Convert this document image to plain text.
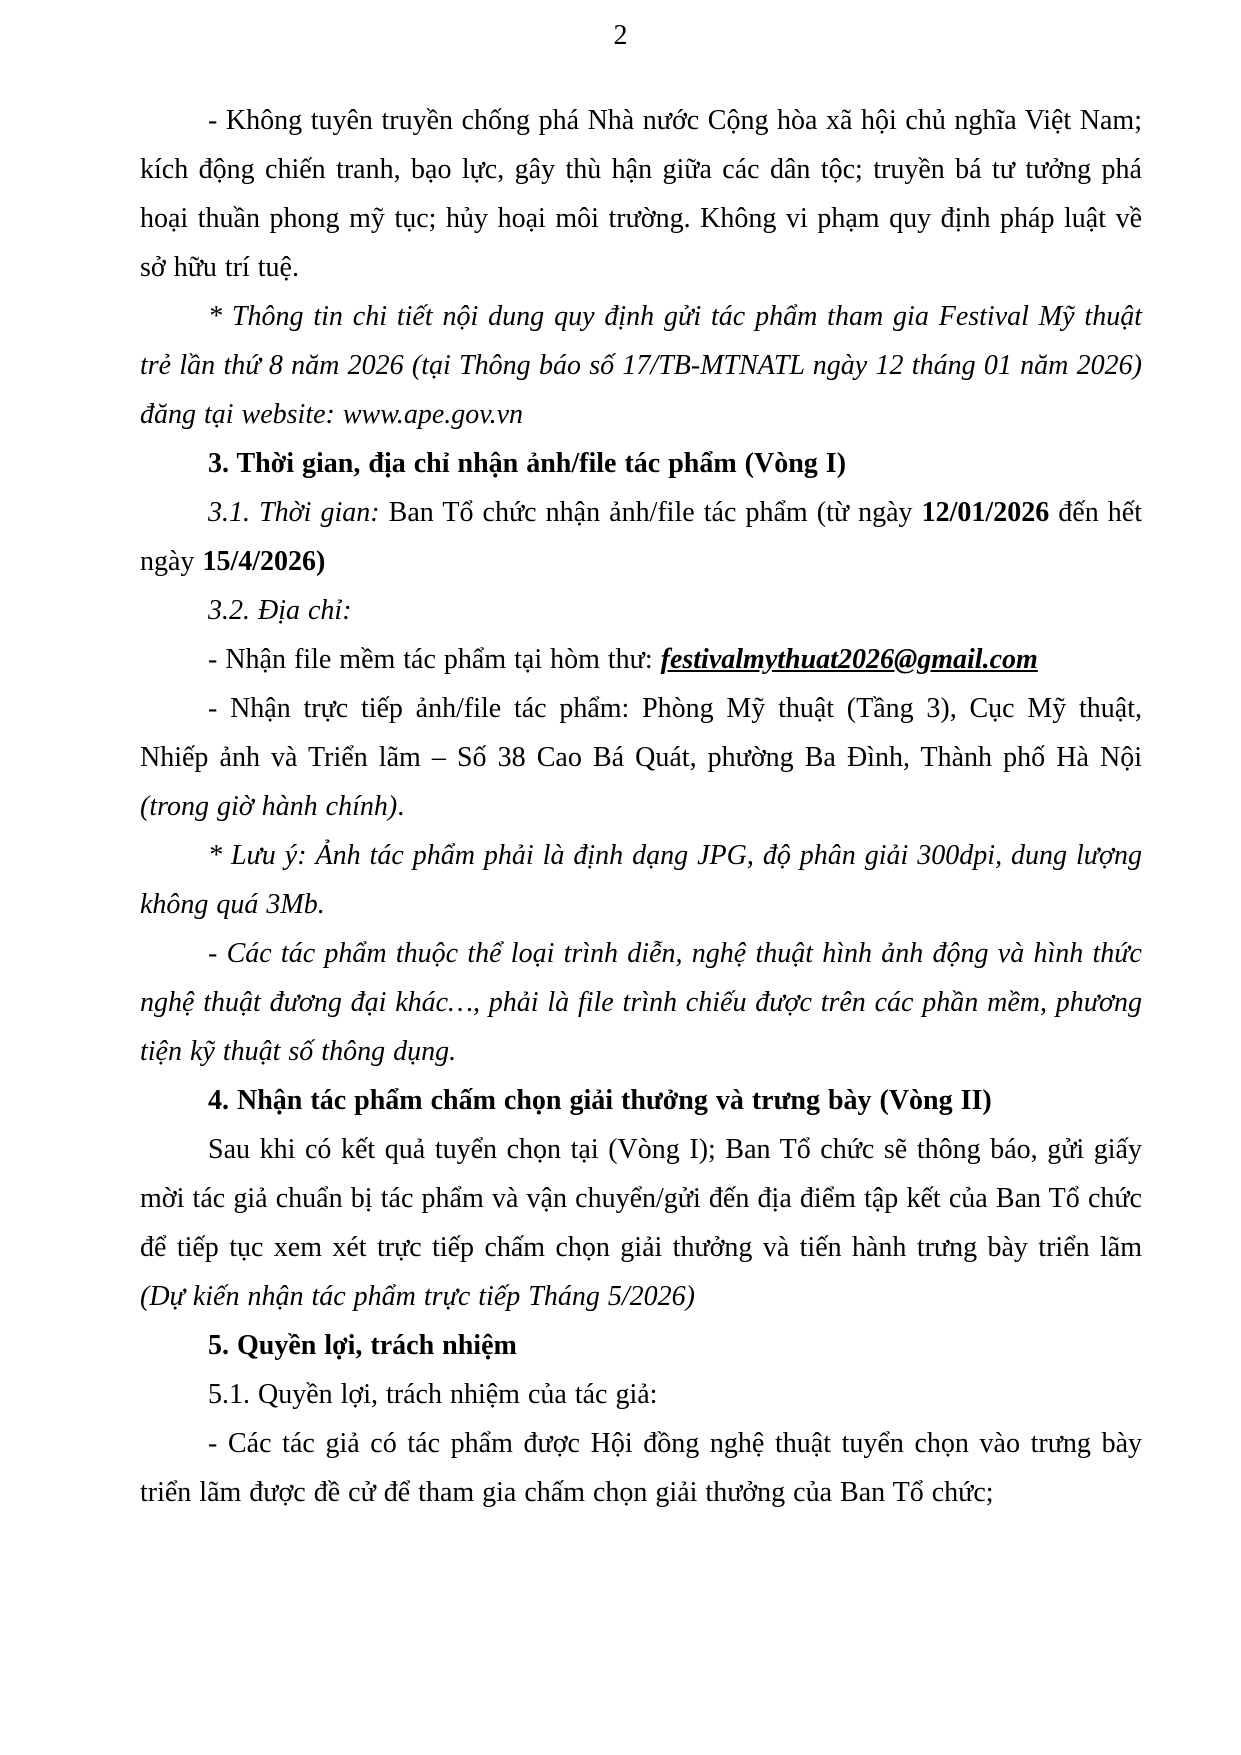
2

- Không tuyên truyền chống phá Nhà nước Cộng hòa xã hội chủ nghĩa Việt Nam; kích động chiến tranh, bạo lực, gây thù hận giữa các dân tộc; truyền bá tư tưởng phá hoại thuần phong mỹ tục; hủy hoại môi trường. Không vi phạm quy định pháp luật về sở hữu trí tuệ.

* Thông tin chi tiết nội dung quy định gửi tác phẩm tham gia Festival Mỹ thuật trẻ lần thứ 8 năm 2026 (tại Thông báo số 17/TB-MTNATL ngày 12 tháng 01 năm 2026) đăng tại website: www.ape.gov.vn

3. Thời gian, địa chỉ nhận ảnh/file tác phẩm (Vòng I)

3.1. Thời gian: Ban Tổ chức nhận ảnh/file tác phẩm (từ ngày 12/01/2026 đến hết ngày 15/4/2026)

3.2. Địa chỉ:

- Nhận file mềm tác phẩm tại hòm thư: festivalmythuat2026@gmail.com

- Nhận trực tiếp ảnh/file tác phẩm: Phòng Mỹ thuật (Tầng 3), Cục Mỹ thuật, Nhiếp ảnh và Triển lãm – Số 38 Cao Bá Quát, phường Ba Đình, Thành phố Hà Nội (trong giờ hành chính).

* Lưu ý: Ảnh tác phẩm phải là định dạng JPG, độ phân giải 300dpi, dung lượng không quá 3Mb.

- Các tác phẩm thuộc thể loại trình diễn, nghệ thuật hình ảnh động và hình thức nghệ thuật đương đại khác…, phải là file trình chiếu được trên các phần mềm, phương tiện kỹ thuật số thông dụng.

4. Nhận tác phẩm chấm chọn giải thưởng và trưng bày (Vòng II)

Sau khi có kết quả tuyển chọn tại (Vòng I); Ban Tổ chức sẽ thông báo, gửi giấy mời tác giả chuẩn bị tác phẩm và vận chuyển/gửi đến địa điểm tập kết của Ban Tổ chức để tiếp tục xem xét trực tiếp chấm chọn giải thưởng và tiến hành trưng bày triển lãm (Dự kiến nhận tác phẩm trực tiếp Tháng 5/2026)

5. Quyền lợi, trách nhiệm

5.1. Quyền lợi, trách nhiệm của tác giả:

- Các tác giả có tác phẩm được Hội đồng nghệ thuật tuyển chọn vào trưng bày triển lãm được đề cử để tham gia chấm chọn giải thưởng của Ban Tổ chức;
